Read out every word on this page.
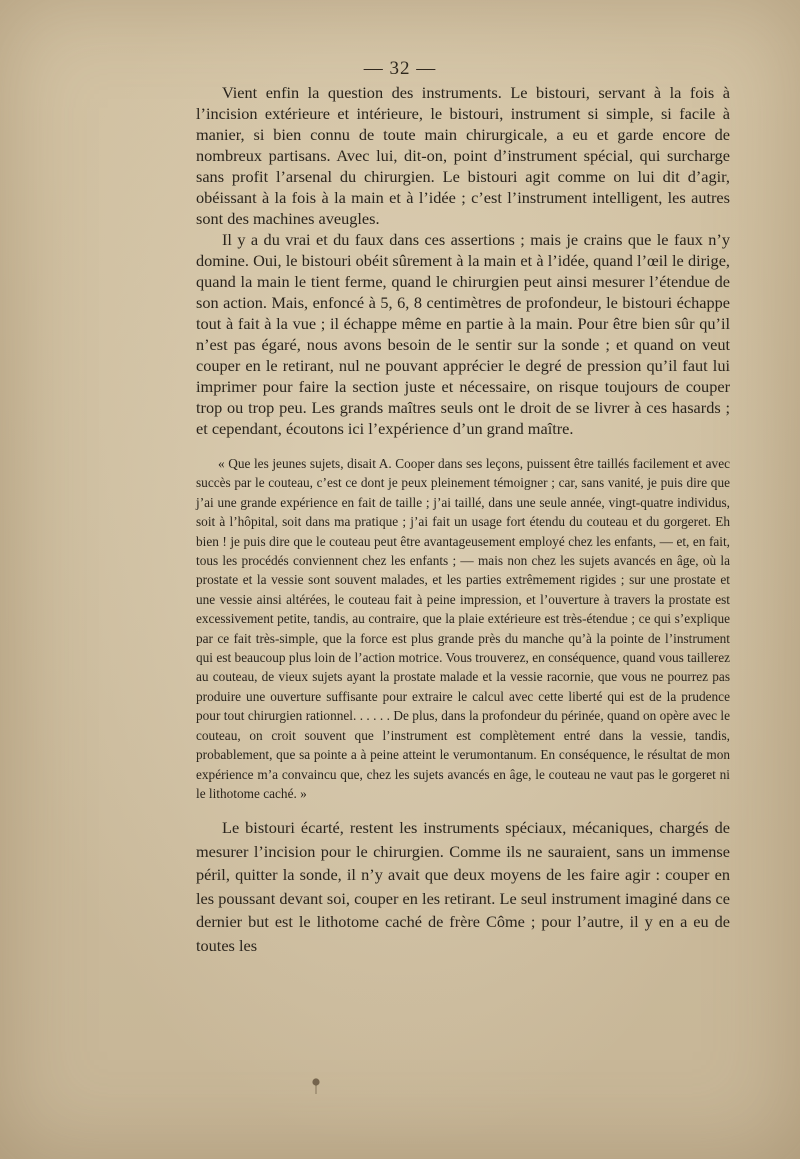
— 32 —

Vient enfin la question des instruments. Le bistouri, servant à la fois à l’incision extérieure et intérieure, le bistouri, instrument si simple, si facile à manier, si bien connu de toute main chirurgicale, a eu et garde encore de nombreux partisans. Avec lui, dit-on, point d’instrument spécial, qui surcharge sans profit l’arsenal du chirurgien. Le bistouri agit comme on lui dit d’agir, obéissant à la fois à la main et à l’idée ; c’est l’instrument intelligent, les autres sont des machines aveugles.

Il y a du vrai et du faux dans ces assertions ; mais je crains que le faux n’y domine. Oui, le bistouri obéit sûrement à la main et à l’idée, quand l’œil le dirige, quand la main le tient ferme, quand le chirurgien peut ainsi mesurer l’étendue de son action. Mais, enfoncé à 5, 6, 8 centimètres de profondeur, le bistouri échappe tout à fait à la vue ; il échappe même en partie à la main. Pour être bien sûr qu’il n’est pas égaré, nous avons besoin de le sentir sur la sonde ; et quand on veut couper en le retirant, nul ne pouvant apprécier le degré de pression qu’il faut lui imprimer pour faire la section juste et nécessaire, on risque toujours de couper trop ou trop peu. Les grands maîtres seuls ont le droit de se livrer à ces hasards ; et cependant, écoutons ici l’expérience d’un grand maître.

« Que les jeunes sujets, disait A. Cooper dans ses leçons, puissent être taillés facilement et avec succès par le couteau, c’est ce dont je peux pleinement témoigner ; car, sans vanité, je puis dire que j’ai une grande expérience en fait de taille ; j’ai taillé, dans une seule année, vingt-quatre individus, soit à l’hôpital, soit dans ma pratique ; j’ai fait un usage fort étendu du couteau et du gorgeret. Eh bien ! je puis dire que le couteau peut être avantageusement employé chez les enfants, — et, en fait, tous les procédés conviennent chez les enfants ; — mais non chez les sujets avancés en âge, où la prostate et la vessie sont souvent malades, et les parties extrêmement rigides ; sur une prostate et une vessie ainsi altérées, le couteau fait à peine impression, et l’ouverture à travers la prostate est excessivement petite, tandis, au contraire, que la plaie extérieure est très-étendue ; ce qui s’explique par ce fait très-simple, que la force est plus grande près du manche qu’à la pointe de l’instrument qui est beaucoup plus loin de l’action motrice. Vous trouverez, en conséquence, quand vous taillerez au couteau, de vieux sujets ayant la prostate malade et la vessie racornie, que vous ne pourrez pas produire une ouverture suffisante pour extraire le calcul avec cette liberté qui est de la prudence pour tout chirurgien rationnel. . . . . . De plus, dans la profondeur du périnée, quand on opère avec le couteau, on croit souvent que l’instrument est complètement entré dans la vessie, tandis, probablement, que sa pointe a à peine atteint le verumontanum. En conséquence, le résultat de mon expérience m’a convaincu que, chez les sujets avancés en âge, le couteau ne vaut pas le gorgeret ni le lithotome caché. »

Le bistouri écarté, restent les instruments spéciaux, mécaniques, chargés de mesurer l’incision pour le chirurgien. Comme ils ne sauraient, sans un immense péril, quitter la sonde, il n’y avait que deux moyens de les faire agir : couper en les poussant devant soi, couper en les retirant. Le seul instrument imaginé dans ce dernier but est le lithotome caché de frère Côme ; pour l’autre, il y en a eu de toutes les
